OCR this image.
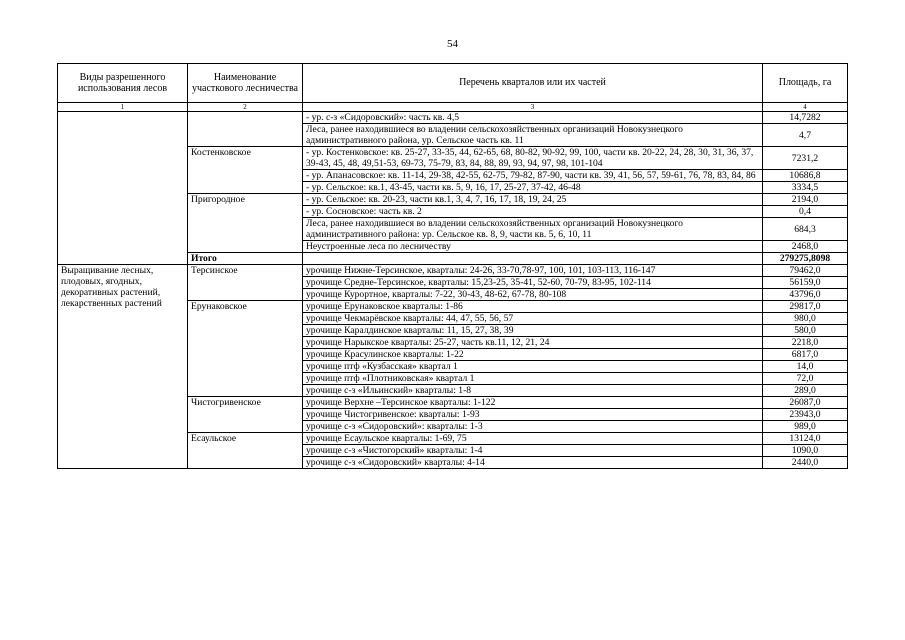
54
Виды разрешенного использования лесов	Наименование участкового лесничества	Перечень кварталов или их частей	Площадь, га
1	2	3	4
		- ур. с-з «Сидоровский»: часть кв. 4,5	14,7282
		Леса, ранее находившиеся во владении сельскохозяйственных организаций Новокузнецкого административного района, ур. Сельское часть кв. 11	4,7
	Костенковское	- ур. Костенковское: кв. 25-27, 33-35, 44, 62-65, 68, 80-82, 90-92, 99, 100, части кв. 20-22, 24, 28, 30, 31, 36, 37, 39-43, 45, 48, 49,51-53, 69-73, 75-79, 83, 84, 88, 89, 93, 94, 97, 98, 101-104	7231,2
		- ур. Апанасовское: кв. 11-14, 29-38, 42-55, 62-75, 79-82, 87-90, части кв. 39, 41, 56, 57, 59-61, 76, 78, 83, 84, 86	10686,8
		- ур. Сельское: кв.1, 43-45, части кв. 5, 9, 16, 17, 25-27, 37-42, 46-48	3334,5
	Пригородное	- ур. Сельское: кв. 20-23, части кв.1, 3, 4, 7, 16, 17, 18, 19, 24, 25	2194,0
		- ур. Сосновское: часть кв. 2	0,4
		Леса, ранее находившиеся во владении сельскохозяйственных организаций Новокузнецкого административного района: ур. Сельское кв. 8, 9, части кв. 5, 6, 10, 11	684,3
		Неустроенные леса по лесничеству	2468,0
	Итого		279275,8098
Выращивание лесных, плодовых, ягодных, декоративных растений, лекарственных растений	Терсинское	урочище Нижне-Терсинское, кварталы: 24-26, 33-70,78-97, 100, 101, 103-113, 116-147	79462,0
		урочище Средне-Терсинское, кварталы: 15,23-25, 35-41, 52-60, 70-79, 83-95, 102-114	56159,0
		урочище Курортное, кварталы: 7-22, 30-43, 48-62, 67-78, 80-108	43796,0
	Ерунаковское	урочище Ерунаковское кварталы: 1-86	29817,0
		урочище Чекмарёвское кварталы: 44, 47, 55, 56, 57	980,0
		урочище Каралдинское кварталы: 11, 15, 27, 38, 39	580,0
		урочище Нарыкское кварталы: 25-27, часть кв.11, 12, 21, 24	2218,0
		урочище Красулинское кварталы: 1-22	6817,0
		урочище птф «Кузбасская» квартал 1	14,0
		урочище птф «Плотниковская» квартал 1	72,0
		урочище с-з «Ильинский» кварталы: 1-8	289,0
	Чистогривенское	урочище Верхне –Терсинское кварталы: 1-122	26087,0
		урочище Чистогривенское: кварталы: 1-93	23943,0
		урочище с-з «Сидоровский»: кварталы: 1-3	989,0
	Есаульское	урочище Есаульское кварталы: 1-69, 75	13124,0
		урочище с-з «Чистогорский» кварталы: 1-4	1090,0
		урочище с-з «Сидоровский» кварталы: 4-14	2440,0
